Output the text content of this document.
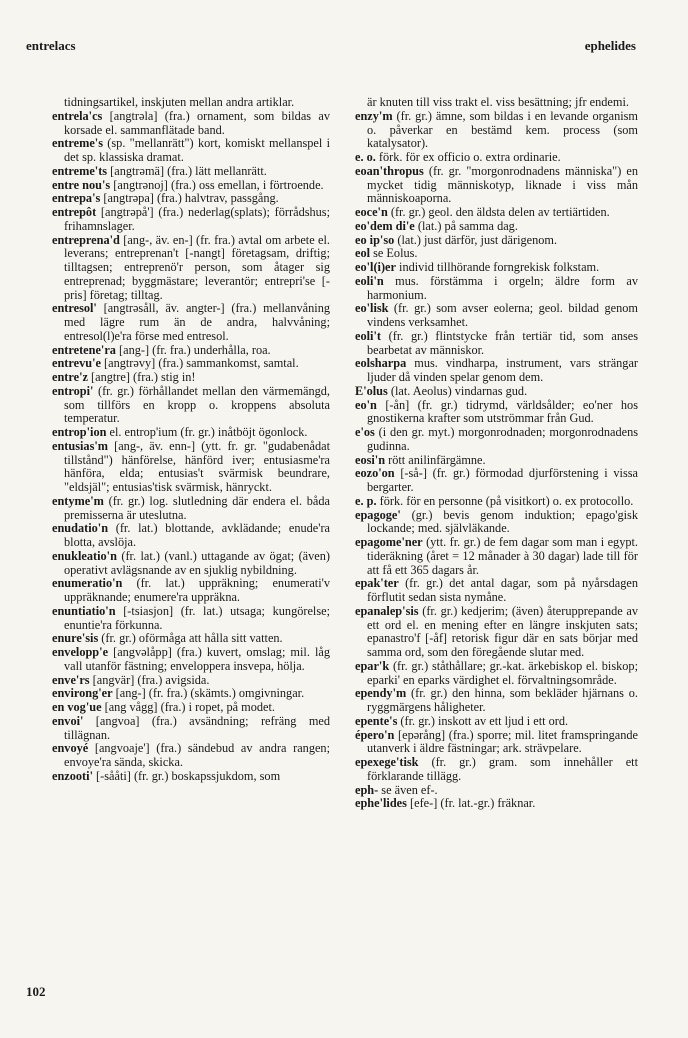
entrelacs	ephelides
tidningsartikel, inskjuten mellan andra artiklar.
entrela'cs [angtrəla] (fra.) ornament, som bildas av korsade el. sammanflätade band.
entreme's (sp. "mellanrätt") kort, komiskt mellanspel i det sp. klassiska dramat.
entreme'ts [angtrəmä] (fra.) lätt mellanrätt.
entre nou's [angtrənoj] (fra.) oss emellan, i förtroende.
entrepa's [angtrəpa] (fra.) halvtrav, passgång.
entrepôt [angtrəpå'] (fra.) nederlag(splats); förrådshus; frihamnslager.
entreprena'd [ang-, äv. en-] (fr. fra.) avtal om arbete el. leverans; entreprenan't [-nangt] företagsam, driftig; tilltagsen; entreprenö'r person, som åtager sig entreprenad; byggmästare; leverantör; entrepri'se [-pris] företag; tilltag.
entresol' [angtrəsåll, äv. angter-] (fra.) mellanvåning med lägre rum än de andra, halvvåning; entresol(l)e'ra förse med entresol.
entretene'ra [ang-] (fr. fra.) underhålla, roa.
entrevu'e [angtrəvy] (fra.) sammankomst, samtal.
entre'z [angtre] (fra.) stig in!
entropi' (fr. gr.) förhållandet mellan den värmemängd, som tillförs en kropp o. kroppens absoluta temperatur.
entrop'ion el. entrop'ium (fr. gr.) inåtböjt ögonlock.
entusias'm [ang-, äv. enn-] (ytt. fr. gr. "gudabenådat tillstånd") hänförelse, hänförd iver; entusiasme'ra hänföra, elda; entusias't svärmisk beundrare, "eldsjäl"; entusias'tisk svärmisk, hänryckt.
entyme'm (fr. gr.) log. slutledning där endera el. båda premisserna är uteslutna.
enudatio'n (fr. lat.) blottande, avklädande; enude'ra blotta, avslöja.
enukleatio'n (fr. lat.) (vanl.) uttagande av ögat; (även) operativt avlägsnande av en sjuklig nybildning.
enumeratio'n (fr. lat.) uppräkning; enumerati'v uppräknande; enumere'ra uppräkna.
enuntiatio'n [-tsiasjon] (fr. lat.) utsaga; kungörelse; enuntie'ra förkunna.
enure'sis (fr. gr.) oförmåga att hålla sitt vatten.
envelopp'e [angvəlåpp] (fra.) kuvert, omslag; mil. låg vall utanför fästning; envelopperа insvepa, hölja.
enve'rs [angvär] (fra.) avigsida.
environg'er [ang-] (fr. fra.) (skämts.) omgivningar.
en vog'ue [ang vågg] (fra.) i ropet, på modet.
envoi' [angvoa] (fra.) avsändning; refräng med tillägnan.
envoyé [angvoaje'] (fra.) sändebud av andra rangen; envoye'ra sända, skicka.
enzooti' [-sååti] (fr. gr.) boskapssjukdom, som
är knuten till viss trakt el. viss besättning; jfr endemi.
enzy'm (fr. gr.) ämne, som bildas i en levande organism o. påverkar en bestämd kem. process (som katalysator).
e. o. förk. för ex officio o. extra ordinarie.
eoan'thropus (fr. gr. "morgonrodnadens människa") en mycket tidig människotyp, liknade i viss mån människoaporna.
eoce'n (fr. gr.) geol. den äldsta delen av tertiärtiden.
eo'dem di'e (lat.) på samma dag.
eo ip'so (lat.) just därför, just därigenom.
eol se Eolus.
eo'l(i)er individ tillhörande forngrekisk folkstam.
eoli'n mus. förstämma i orgeln; äldre form av harmonium.
eo'lisk (fr. gr.) som avser eolerna; geol. bildad genom vindens verksamhet.
eoli't (fr. gr.) flintstycke från tertiär tid, som anses bearbetat av människor.
eolsharpa mus. vindharpa, instrument, vars strängar ljuder då vinden spelar genom dem.
E'olus (lat. Aeolus) vindarnas gud.
eo'n [-ån] (fr. gr.) tidrymd, världsålder; eo'ner hos gnostikerna krafter som utströmmar från Gud.
e'os (i den gr. myt.) morgonrodnaden; morgonrodnadens gudinna.
eosi'n rött anilinfärgämne.
eozo'on [-så-] (fr. gr.) förmodad djurförstening i vissa bergarter.
e. p. förk. för en personne (på visitkort) o. ex protocollo.
epagoge' (gr.) bevis genom induktion; epago'gisk lockande; med. självläkande.
epagome'ner (ytt. fr. gr.) de fem dagar som man i egypt. tideräkning (året = 12 månader à 30 dagar) lade till för att få ett 365 dagars år.
epak'ter (fr. gr.) det antal dagar, som på nyårsdagen förflutit sedan sista nymåne.
epanalep'sis (fr. gr.) kedjerim; (även) återupprepande av ett ord el. en mening efter en längre inskjuten sats; epanastro'f [-åf] retorisk figur där en sats börjar med samma ord, som den föregående slutar med.
epar'k (fr. gr.) ståthållare; gr.-kat. ärkebiskop el. biskop; eparki' en eparks värdighet el. förvaltningsområde.
ependy'm (fr. gr.) den hinna, som bekläder hjärnans o. ryggmärgens håligheter.
epente's (fr. gr.) inskott av ett ljud i ett ord.
épero'n [epərång] (fra.) sporre; mil. litet framspringande utanverk i äldre fästningar; ark. strävpelare.
epexege'tisk (fr. gr.) gram. som innehåller ett förklarande tillägg.
eph- se även ef-.
ephe'lides [efe-] (fr. lat.-gr.) fräknar.
102
